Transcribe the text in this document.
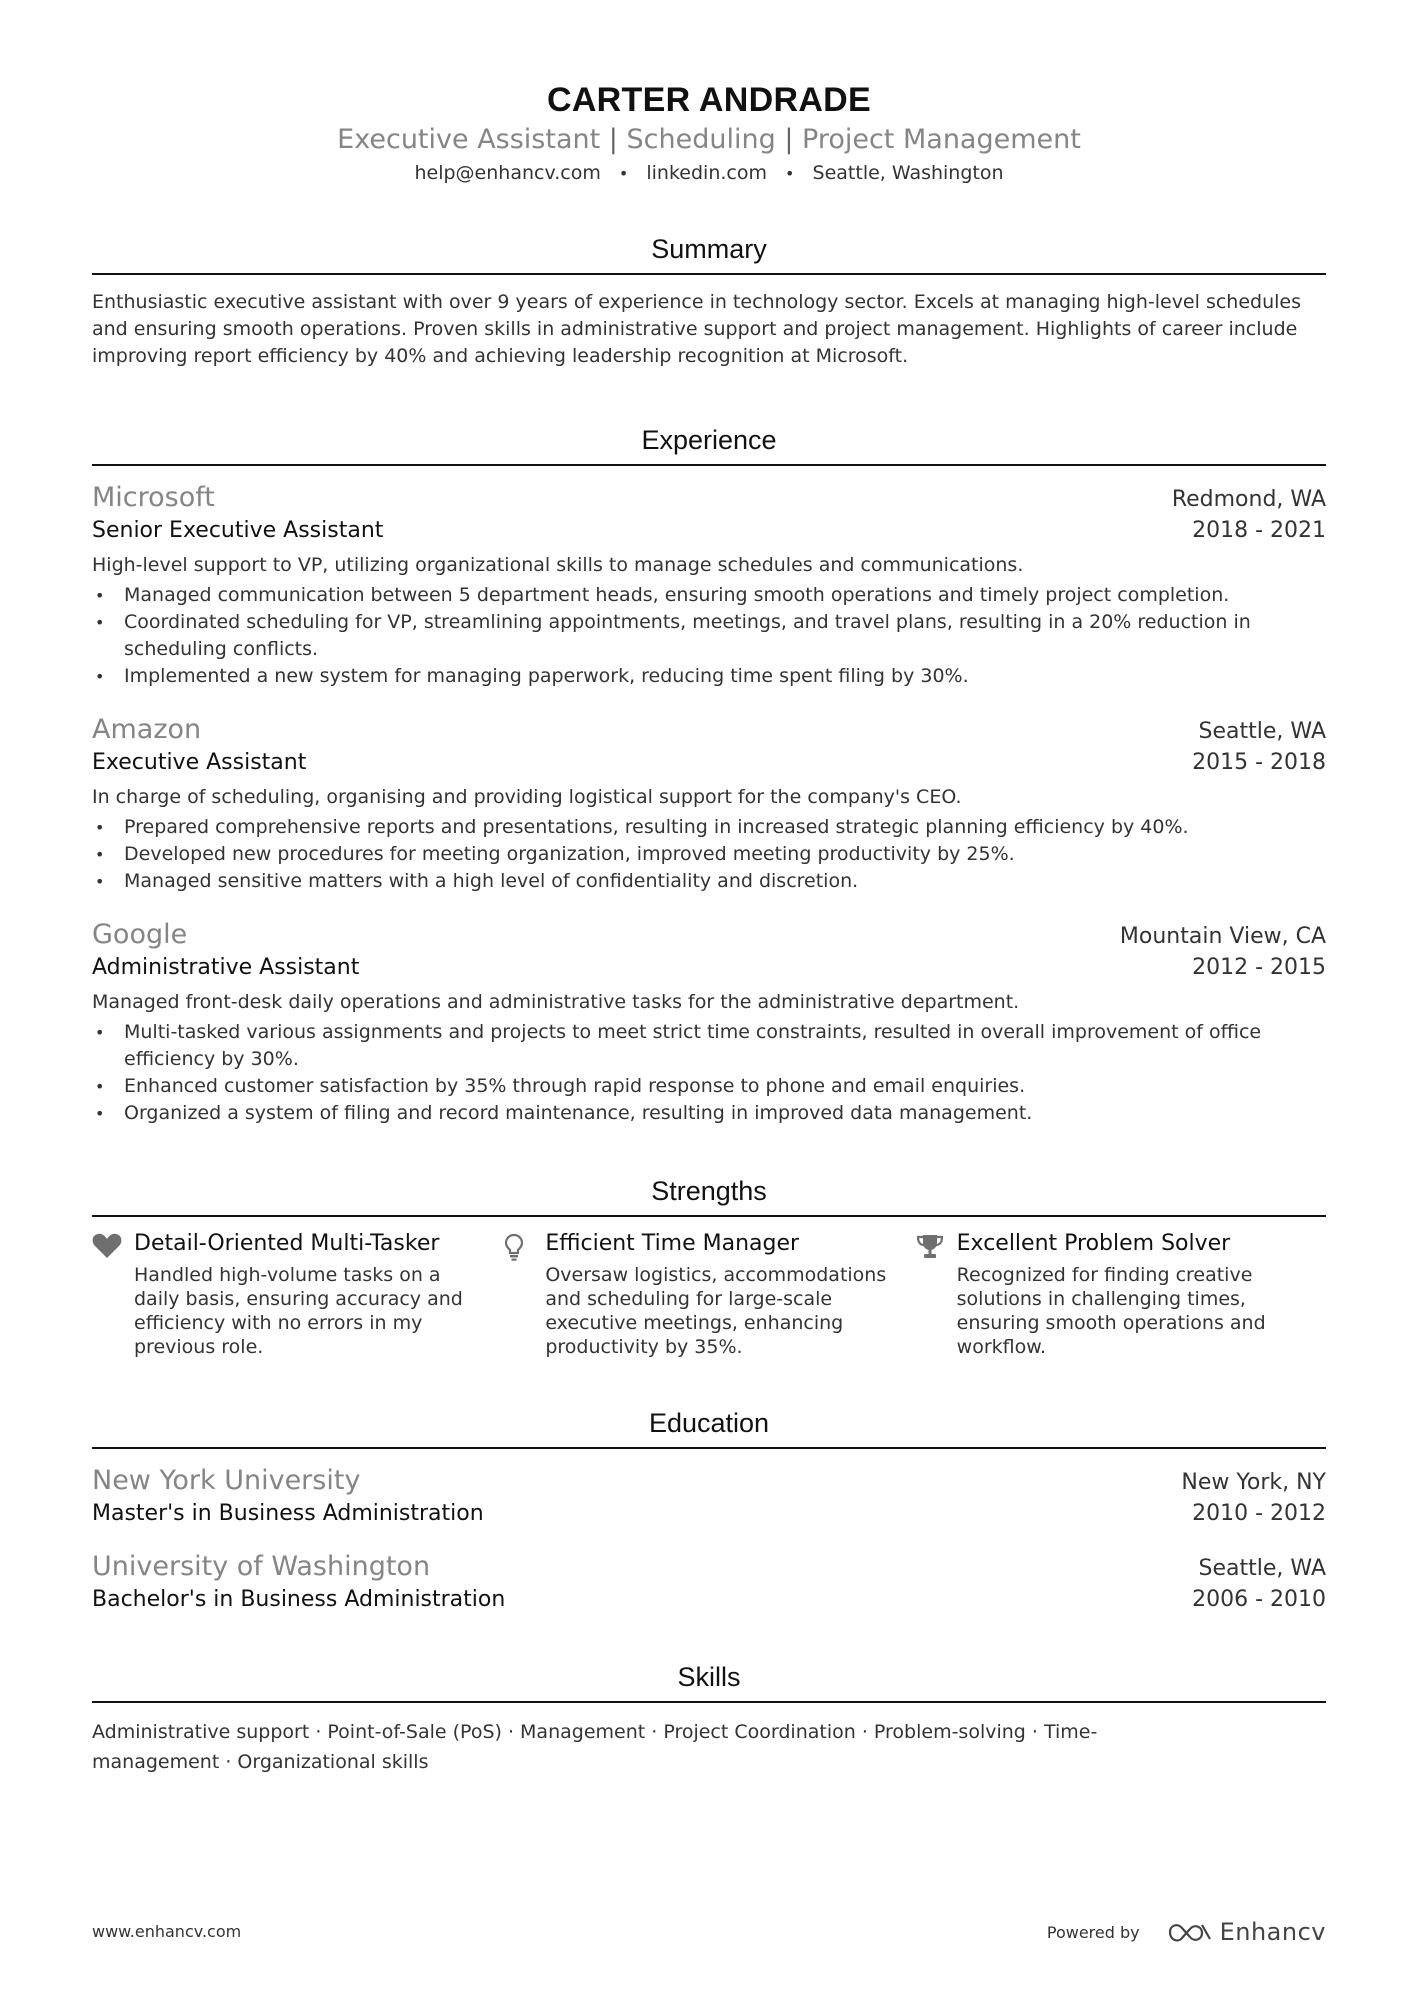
CARTER ANDRADE
Executive Assistant | Scheduling | Project Management
help@enhancv.com • linkedin.com • Seattle, Washington
Summary
Enthusiastic executive assistant with over 9 years of experience in technology sector. Excels at managing high-level schedules and ensuring smooth operations. Proven skills in administrative support and project management. Highlights of career include improving report efficiency by 40% and achieving leadership recognition at Microsoft.
Experience
Microsoft	Redmond, WA
Senior Executive Assistant	2018 - 2021
High-level support to VP, utilizing organizational skills to manage schedules and communications.
• Managed communication between 5 department heads, ensuring smooth operations and timely project completion.
• Coordinated scheduling for VP, streamlining appointments, meetings, and travel plans, resulting in a 20% reduction in scheduling conflicts.
• Implemented a new system for managing paperwork, reducing time spent filing by 30%.
Amazon	Seattle, WA
Executive Assistant	2015 - 2018
In charge of scheduling, organising and providing logistical support for the company's CEO.
• Prepared comprehensive reports and presentations, resulting in increased strategic planning efficiency by 40%.
• Developed new procedures for meeting organization, improved meeting productivity by 25%.
• Managed sensitive matters with a high level of confidentiality and discretion.
Google	Mountain View, CA
Administrative Assistant	2012 - 2015
Managed front-desk daily operations and administrative tasks for the administrative department.
• Multi-tasked various assignments and projects to meet strict time constraints, resulted in overall improvement of office efficiency by 30%.
• Enhanced customer satisfaction by 35% through rapid response to phone and email enquiries.
• Organized a system of filing and record maintenance, resulting in improved data management.
Strengths
Detail-Oriented Multi-Tasker
Handled high-volume tasks on a daily basis, ensuring accuracy and efficiency with no errors in my previous role.
Efficient Time Manager
Oversaw logistics, accommodations and scheduling for large-scale executive meetings, enhancing productivity by 35%.
Excellent Problem Solver
Recognized for finding creative solutions in challenging times, ensuring smooth operations and workflow.
Education
New York University	New York, NY
Master's in Business Administration	2010 - 2012
University of Washington	Seattle, WA
Bachelor's in Business Administration	2006 - 2010
Skills
Administrative support · Point-of-Sale (PoS) · Management · Project Coordination · Problem-solving · Time-management · Organizational skills
www.enhancv.com	Powered by	Enhancv
